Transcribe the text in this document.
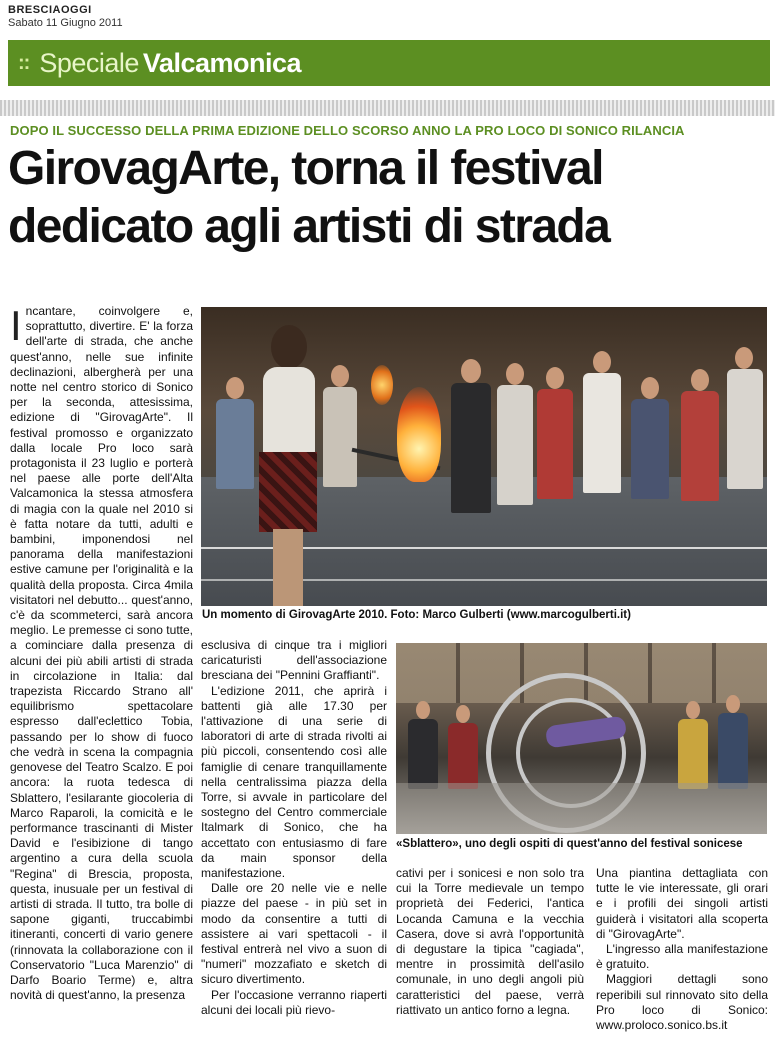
BRESCIAOGGI
Sabato 11 Giugno 2011
:: Speciale Valcamonica
DOPO IL SUCCESSO DELLA PRIMA EDIZIONE DELLO SCORSO ANNO LA PRO LOCO DI SONICO RILANCIA
GirovagArte, torna il festival dedicato agli artisti di strada

Incantare, coinvolgere e, soprattutto, divertire. E' la forza dell'arte di strada, che anche quest'anno, nelle sue infinite declinazioni, albergherà per una notte nel centro storico di Sonico per la seconda, attesissima, edizione di "GirovagArte". Il festival promosso e organizzato dalla locale Pro loco sarà protagonista il 23 luglio e porterà nel paese alle porte dell'Alta Valcamonica la stessa atmosfera di magia con la quale nel 2010 si è fatta notare da tutti, adulti e bambini, imponendosi nel panorama della manifestazioni estive camune per l'originalità e la qualità della proposta. Circa 4mila visitatori nel debutto... quest'anno, c'è da scommeterci, sarà ancora meglio. Le premesse ci sono tutte, a cominciare dalla presenza di alcuni dei più abili artisti di strada in circolazione in Italia: dal trapezista Riccardo Strano all' equilibrismo spettacolare espresso dall'eclettico Tobia, passando per lo show di fuoco che vedrà in scena la compagnia genovese del Teatro Scalzo. E poi ancora: la ruota tedesca di Sblattero, l'esilarante giocoleria di Marco Raparoli, la comicità e le performance trascinanti di Mister David e l'esibizione di tango argentino a cura della scuola "Regina" di Brescia, proposta, questa, inusuale per un festival di artisti di strada. Il tutto, tra bolle di sapone giganti, truccabimbi itineranti, concerti di vario genere (rinnovata la collaborazione con il Conservatorio "Luca Marenzio" di Darfo Boario Terme) e, altra novità di quest'anno, la presenza

Un momento di GirovagArte 2010. Foto: Marco Gulberti (www.marcogulberti.it)

esclusiva di cinque tra i migliori caricaturisti dell'associazione bresciana dei "Pennini Graffianti".

L'edizione 2011, che aprirà i battenti già alle 17.30 per l'attivazione di una serie di laboratori di arte di strada rivolti ai più piccoli, consentendo così alle famiglie di cenare tranquillamente nella centralissima piazza della Torre, si avvale in particolare del sostegno del Centro commerciale Italmark di Sonico, che ha accettato con entusiasmo di fare da main sponsor della manifestazione.

Dalle ore 20 nelle vie e nelle piazze del paese - in più set in modo da consentire a tutti di assistere ai vari spettacoli - il festival entrerà nel vivo a suon di "numeri" mozzafiato e sketch di sicuro divertimento.

Per l'occasione verranno riaperti alcuni dei locali più rievo-

«Sblattero», uno degli ospiti di quest'anno del festival sonicese

cativi per i sonicesi e non solo tra cui la Torre medievale un tempo proprietà dei Federici, l'antica Locanda Camuna e la vecchia Casera, dove si avrà l'opportunità di degustare la tipica "cagiada", mentre in prossimità dell'asilo comunale, in uno degli angoli più caratteristici del paese, verrà riattivato un antico forno a legna.

Una piantina dettagliata con tutte le vie interessate, gli orari e i profili dei singoli artisti guiderà i visitatori alla scoperta di "GirovagArte".

L'ingresso alla manifestazione è gratuito.

Maggiori dettagli sono reperibili sul rinnovato sito della Pro loco di Sonico: www.proloco.sonico.bs.it
